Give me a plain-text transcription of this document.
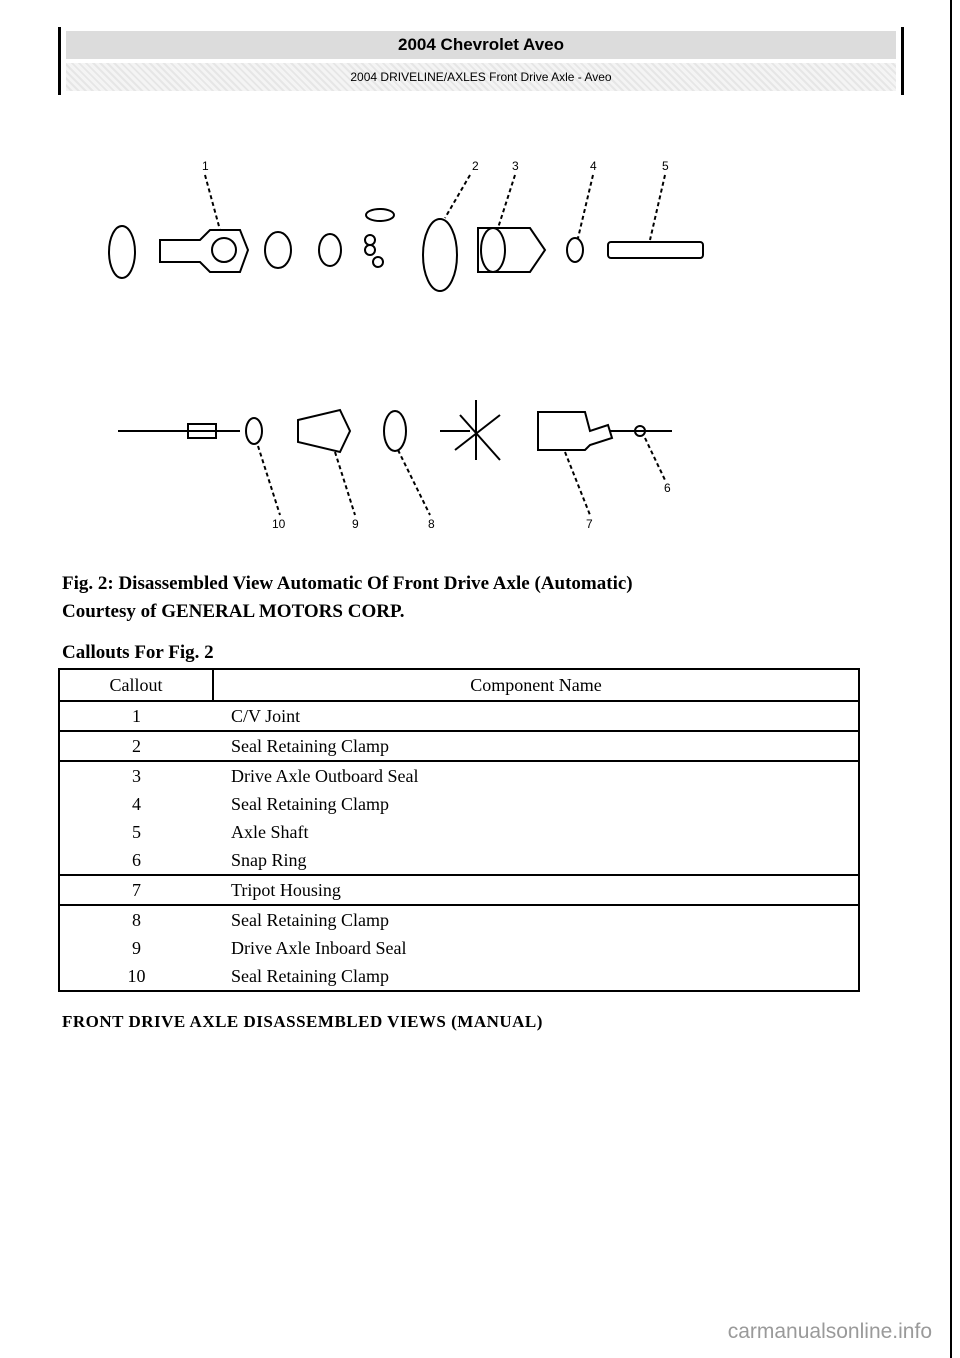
2004 Chevrolet Aveo
2004 DRIVELINE/AXLES Front Drive Axle - Aveo
1	2	3	4	5
6
7
8
9
10
Fig. 2: Disassembled View Automatic Of Front Drive Axle (Automatic)
Courtesy of GENERAL MOTORS CORP.
Callouts For Fig. 2
Callout	Component Name
1	C/V Joint
2	Seal Retaining Clamp
3	Drive Axle Outboard Seal
4	Seal Retaining Clamp
5	Axle Shaft
6	Snap Ring
7	Tripot Housing
8	Seal Retaining Clamp
9	Drive Axle Inboard Seal
10	Seal Retaining Clamp
FRONT DRIVE AXLE DISASSEMBLED VIEWS (MANUAL)
carmanualsonline.info
